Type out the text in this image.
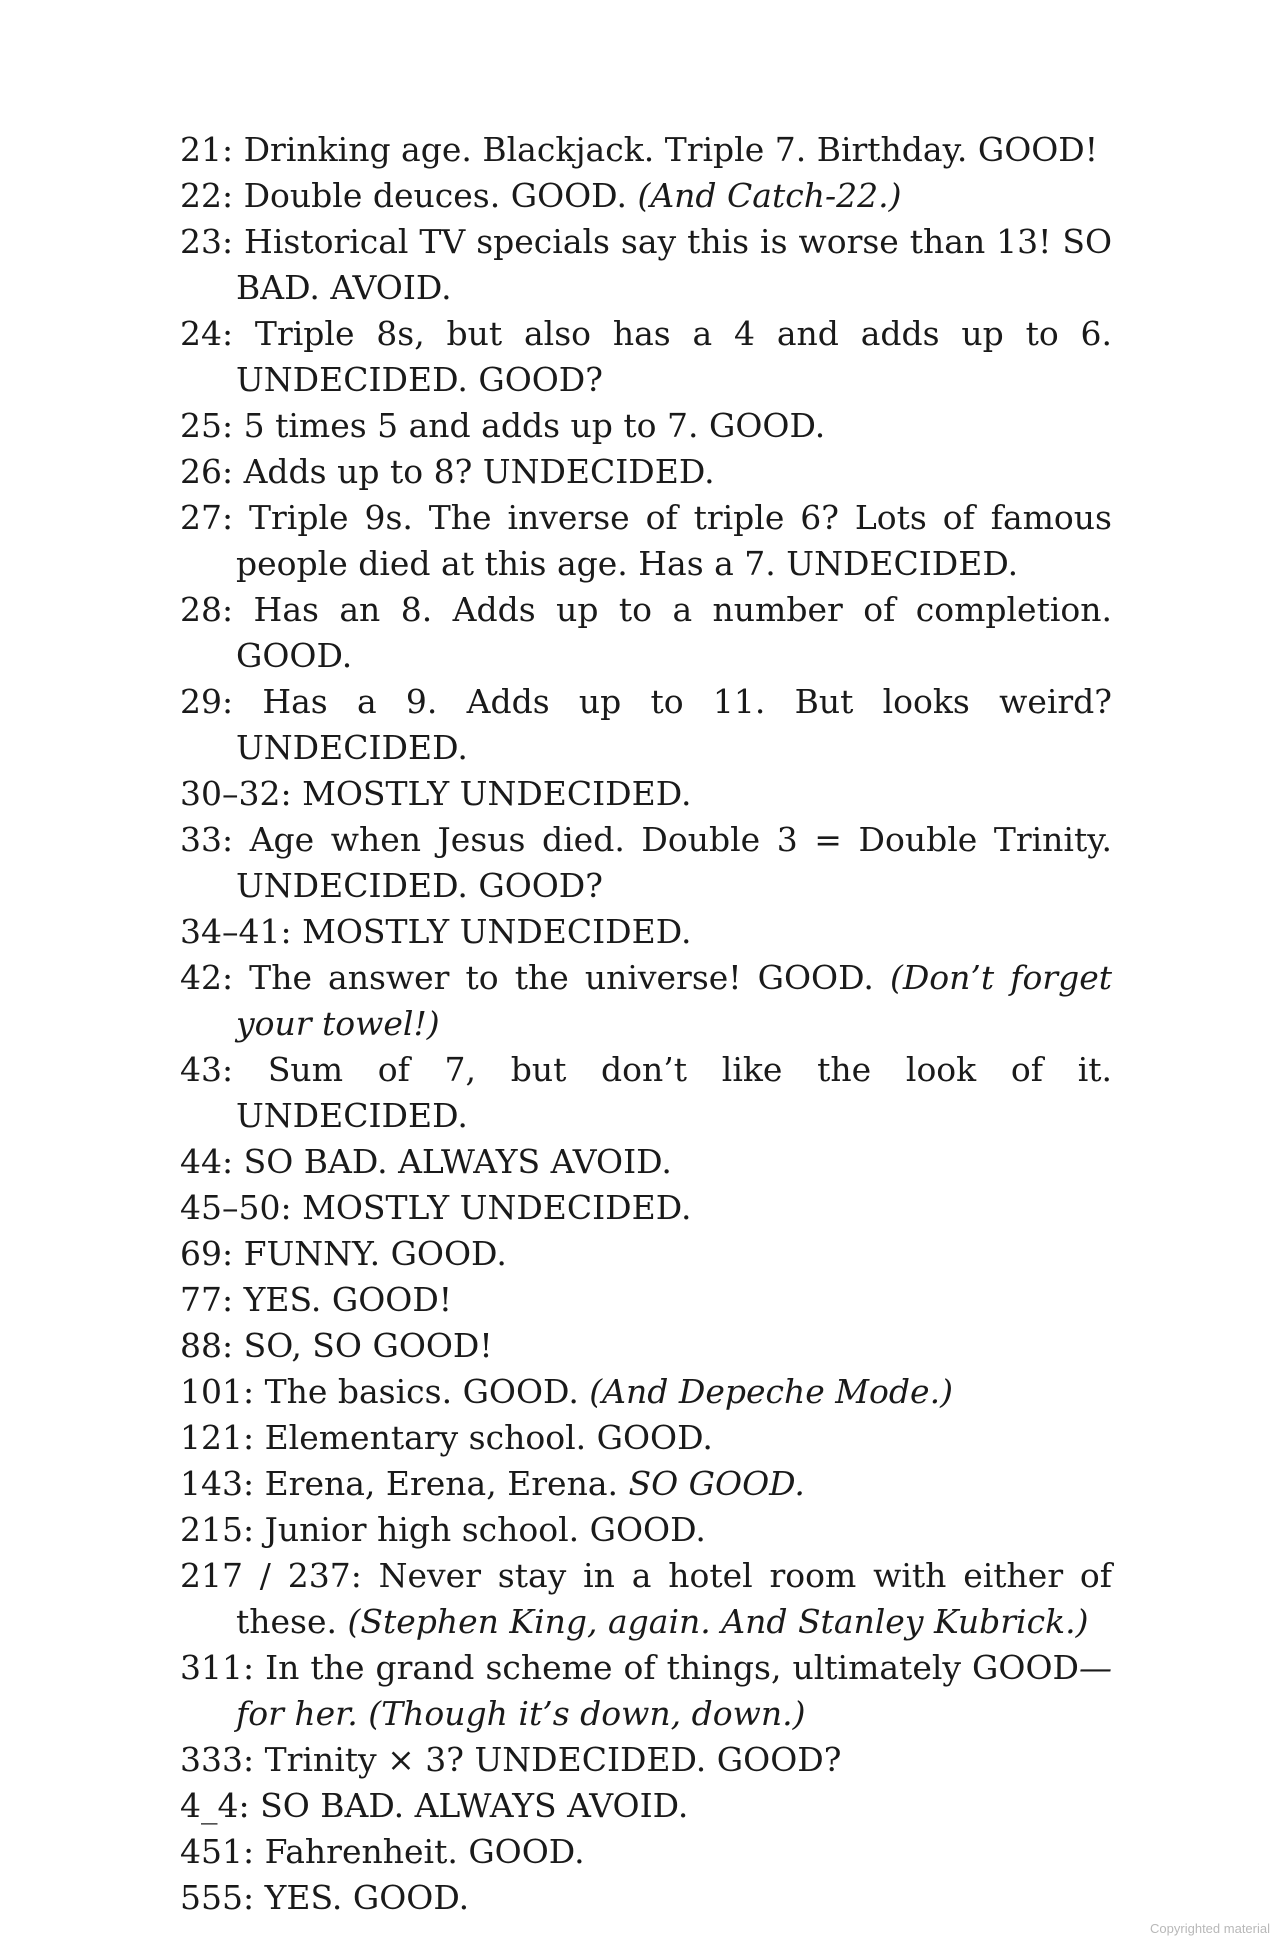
21: Drinking age. Blackjack. Triple 7. Birthday. GOOD!

22: Double deuces. GOOD. (And Catch-22.)

23: Historical TV specials say this is worse than 13! SO BAD. AVOID.

24: Triple 8s, but also has a 4 and adds up to 6. UNDECIDED. GOOD?

25: 5 times 5 and adds up to 7. GOOD.

26: Adds up to 8? UNDECIDED.

27: Triple 9s. The inverse of triple 6? Lots of famous people died at this age. Has a 7. UNDECIDED.

28: Has an 8. Adds up to a number of completion. GOOD.

29: Has a 9. Adds up to 11. But looks weird? UNDECIDED.

30–32: MOSTLY UNDECIDED.

33: Age when Jesus died. Double 3 = Double Trinity. UNDECIDED. GOOD?

34–41: MOSTLY UNDECIDED.

42: The answer to the universe! GOOD. (Don’t forget your towel!)

43: Sum of 7, but don’t like the look of it. UNDECIDED.

44: SO BAD. ALWAYS AVOID.

45–50: MOSTLY UNDECIDED.

69: FUNNY. GOOD.

77: YES. GOOD!

88: SO, SO GOOD!

101: The basics. GOOD. (And Depeche Mode.)

121: Elementary school. GOOD.

143: Erena, Erena, Erena. SO GOOD.

215: Junior high school. GOOD.

217 / 237: Never stay in a hotel room with either of these. (Stephen King, again. And Stanley Kubrick.)

311: In the grand scheme of things, ultimately GOOD—for her. (Though it’s down, down.)

333: Trinity × 3? UNDECIDED. GOOD?

4_4: SO BAD. ALWAYS AVOID.

451: Fahrenheit. GOOD.

555: YES. GOOD.

Copyrighted material
